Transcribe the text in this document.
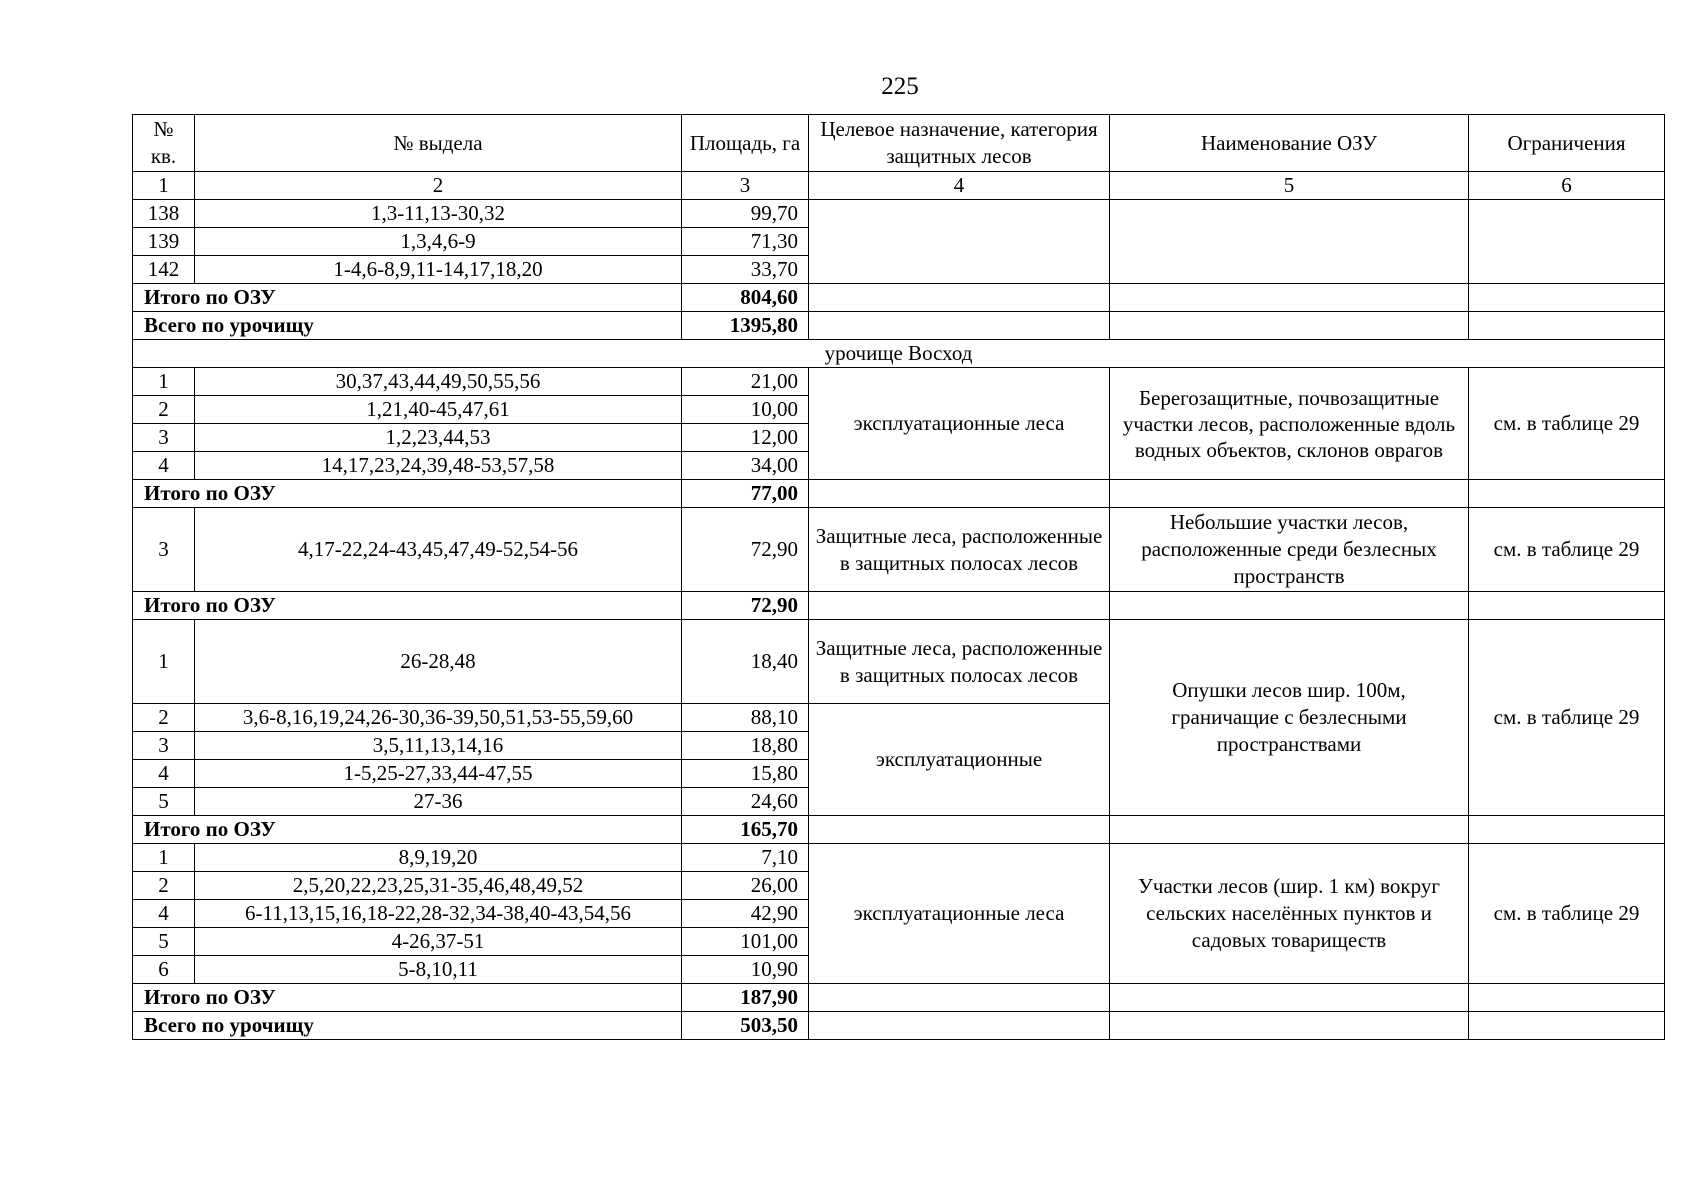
225
№ кв.	№ выдела	Площадь, га	Целевое назначение, категория защитных лесов	Наименование ОЗУ	Ограничения
1	2	3	4	5	6
138	1,3-11,13-30,32	99,70			
139	1,3,4,6-9	71,30			
142	1-4,6-8,9,11-14,17,18,20	33,70			
Итого по ОЗУ		804,60			
Всего по урочищу		1395,80			
урочище Восход					
1	30,37,43,44,49,50,55,56	21,00	эксплуатационные леса	Берегозащитные, почвозащитные участки лесов, расположенные вдоль водных объектов, склонов оврагов	см. в таблице 29
2	1,21,40-45,47,61	10,00			
3	1,2,23,44,53	12,00			
4	14,17,23,24,39,48-53,57,58	34,00			
Итого по ОЗУ		77,00			
3	4,17-22,24-43,45,47,49-52,54-56	72,90	Защитные леса, расположенные в защитных полосах лесов	Небольшие участки лесов, расположенные среди безлесных пространств	см. в таблице 29
Итого по ОЗУ		72,90			
1	26-28,48	18,40	Защитные леса, расположенные в защитных полосах лесов	Опушки лесов шир. 100м, граничащие с безлесными пространствами	см. в таблице 29
2	3,6-8,16,19,24,26-30,36-39,50,51,53-55,59,60	88,10	эксплуатационные		
3	3,5,11,13,14,16	18,80			
4	1-5,25-27,33,44-47,55	15,80			
5	27-36	24,60			
Итого по ОЗУ		165,70			
1	8,9,19,20	7,10	эксплуатационные леса	Участки лесов (шир. 1 км) вокруг сельских населённых пунктов и садовых товариществ	см. в таблице 29
2	2,5,20,22,23,25,31-35,46,48,49,52	26,00			
4	6-11,13,15,16,18-22,28-32,34-38,40-43,54,56	42,90			
5	4-26,37-51	101,00			
6	5-8,10,11	10,90			
Итого по ОЗУ		187,90			
Всего по урочищу		503,50			
